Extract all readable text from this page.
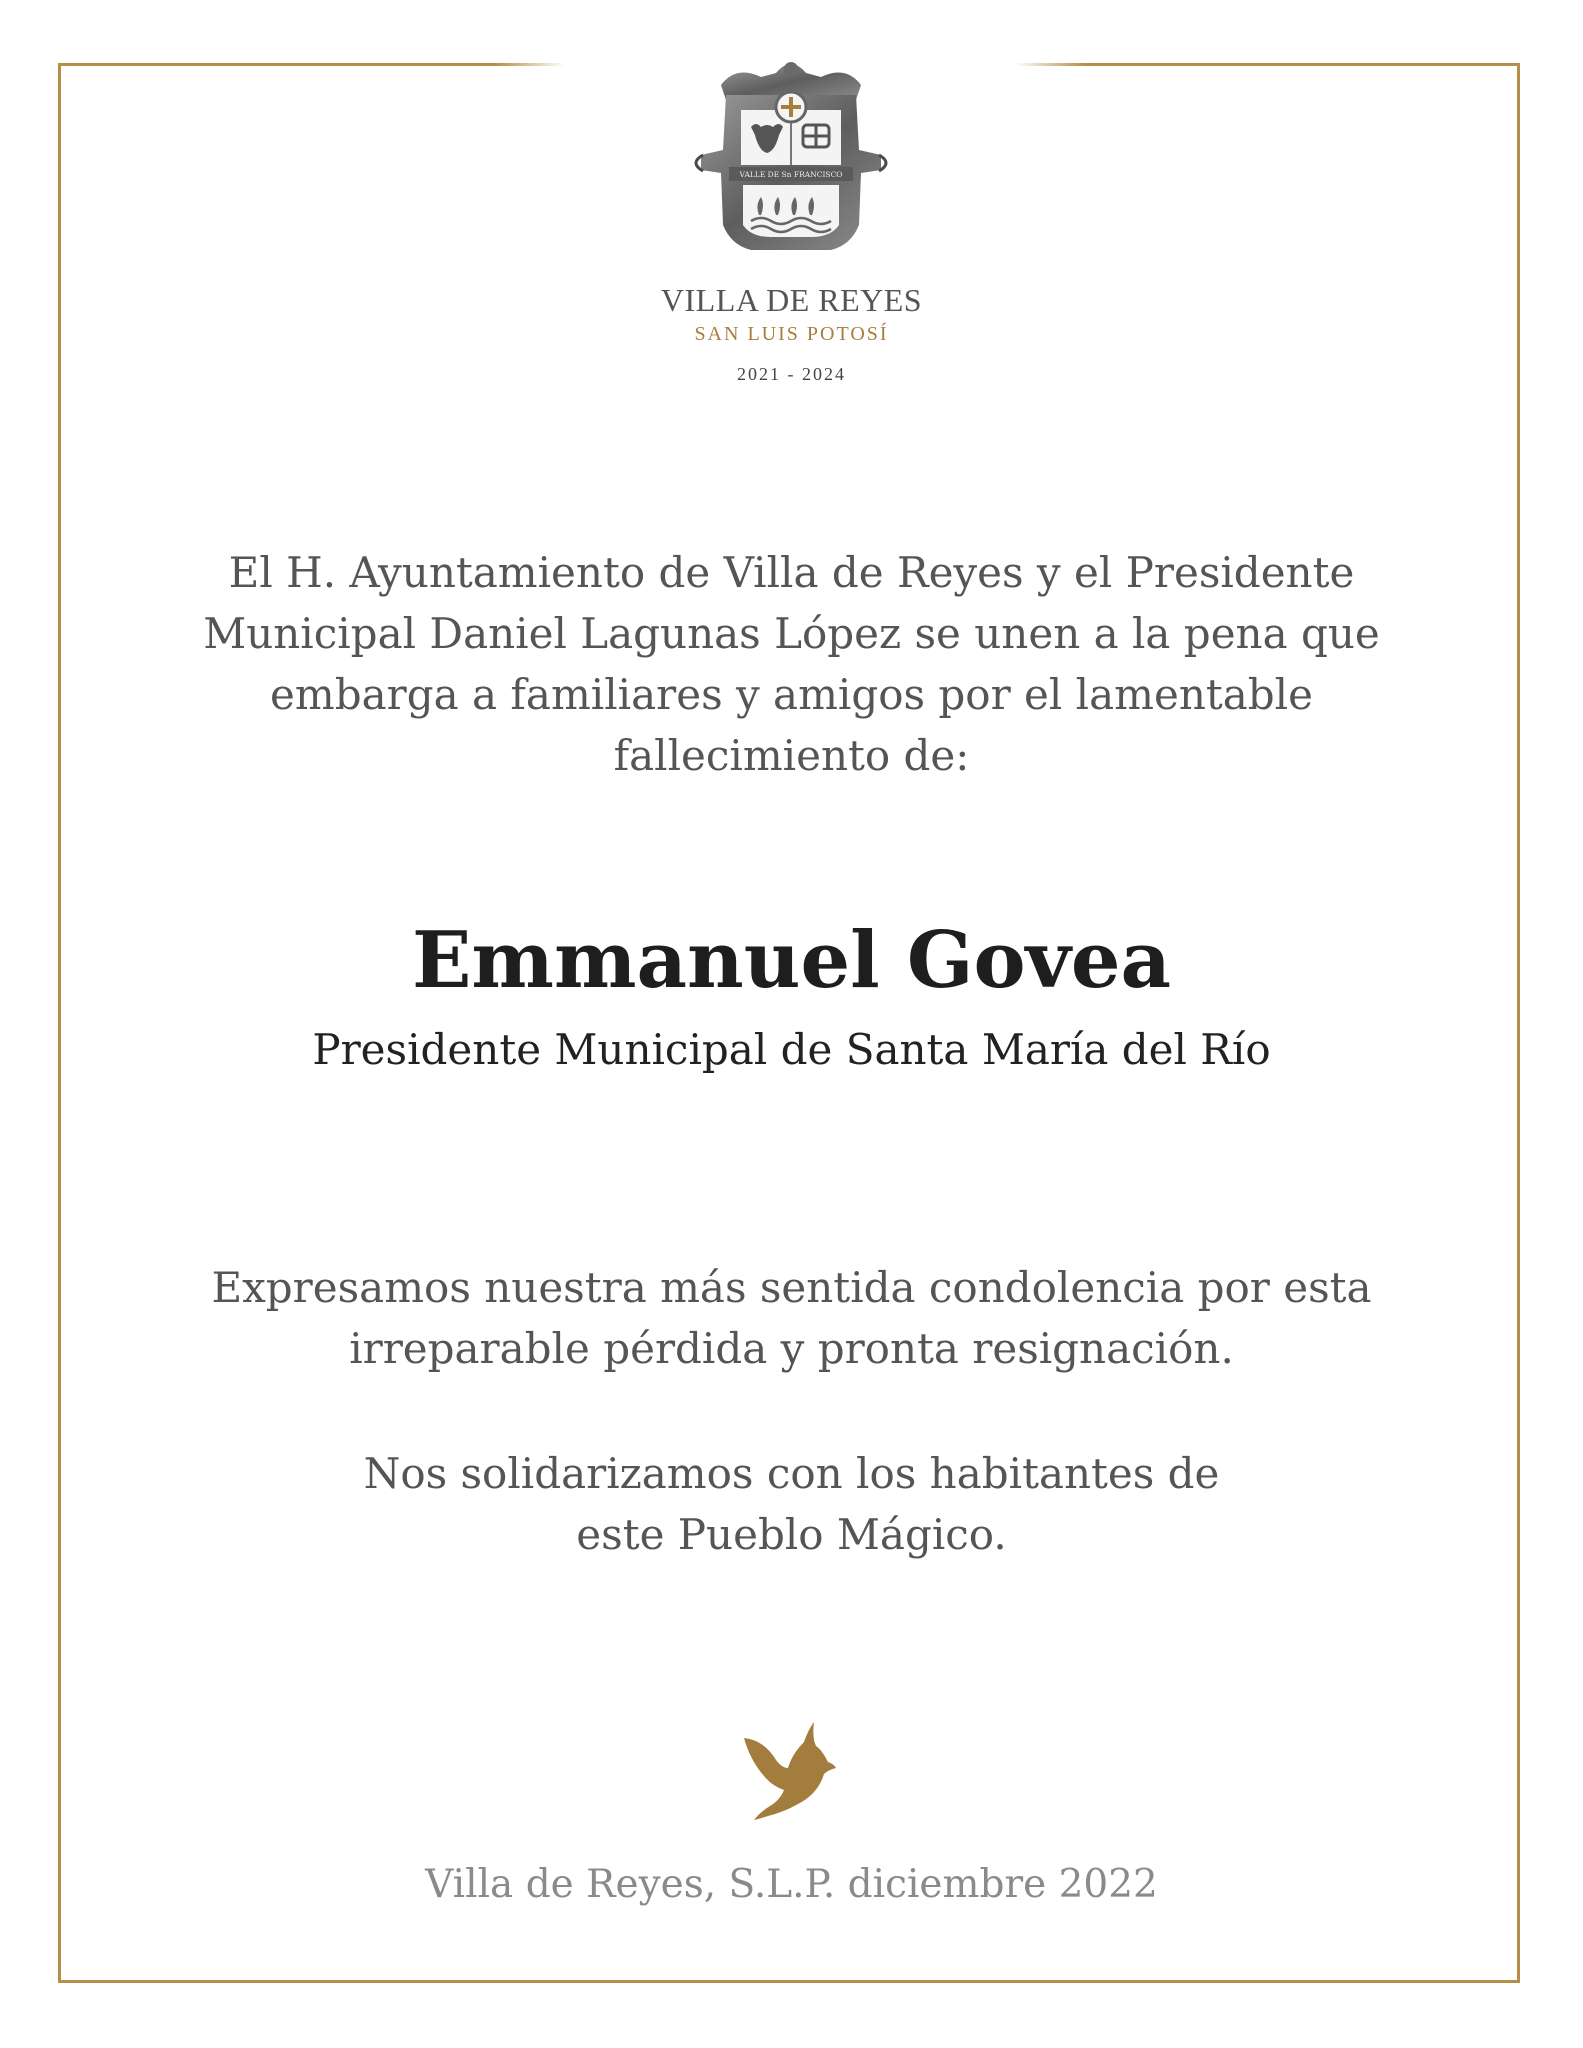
VALLE DE Sn FRANCISCO
VILLA DE REYES
SAN LUIS POTOSÍ
2021 - 2024

El H. Ayuntamiento de Villa de Reyes y el Presidente
Municipal Daniel Lagunas López se unen a la pena que
embarga a familiares y amigos por el lamentable
fallecimiento de:

Emmanuel Govea
Presidente Municipal de Santa María del Río

Expresamos nuestra más sentida condolencia por esta
irreparable pérdida y pronta resignación.

Nos solidarizamos con los habitantes de
este Pueblo Mágico.

Villa de Reyes, S.L.P. diciembre 2022
